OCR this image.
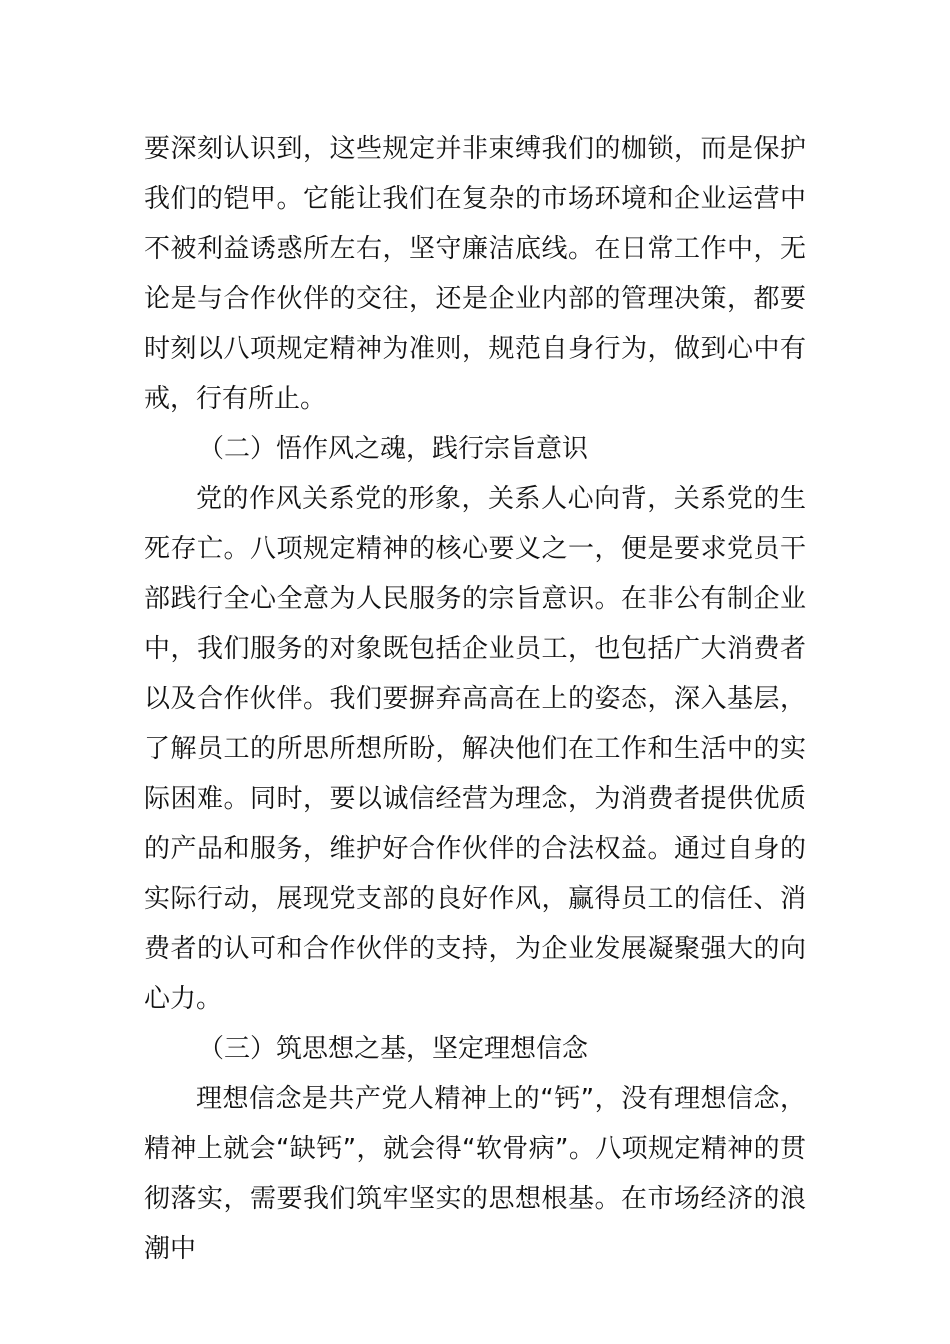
要深刻认识到，这些规定并非束缚我们的枷锁，而是保护我们的铠甲。它能让我们在复杂的市场环境和企业运营中不被利益诱惑所左右，坚守廉洁底线。在日常工作中，无论是与合作伙伴的交往，还是企业内部的管理决策，都要时刻以八项规定精神为准则，规范自身行为，做到心中有戒，行有所止。

（二）悟作风之魂，践行宗旨意识

党的作风关系党的形象，关系人心向背，关系党的生死存亡。八项规定精神的核心要义之一，便是要求党员干部践行全心全意为人民服务的宗旨意识。在非公有制企业中，我们服务的对象既包括企业员工，也包括广大消费者以及合作伙伴。我们要摒弃高高在上的姿态，深入基层，了解员工的所思所想所盼，解决他们在工作和生活中的实际困难。同时，要以诚信经营为理念，为消费者提供优质的产品和服务，维护好合作伙伴的合法权益。通过自身的实际行动，展现党支部的良好作风，赢得员工的信任、消费者的认可和合作伙伴的支持，为企业发展凝聚强大的向心力。

（三）筑思想之基，坚定理想信念

理想信念是共产党人精神上的“钙”，没有理想信念，精神上就会“缺钙”，就会得“软骨病”。八项规定精神的贯彻落实，需要我们筑牢坚实的思想根基。在市场经济的浪潮中
